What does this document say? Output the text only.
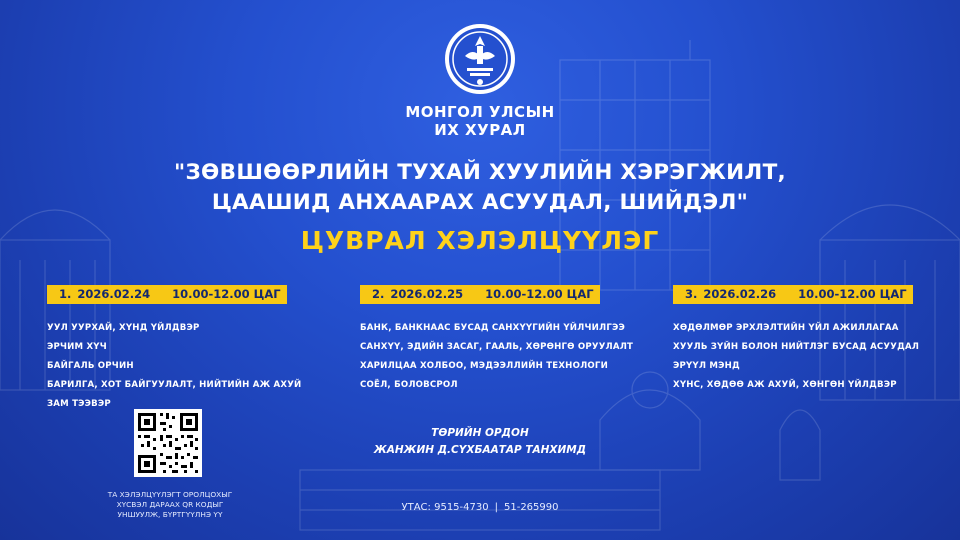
МОНГОЛ УЛСЫН
ИХ ХУРАЛ
"ЗӨВШӨӨРЛИЙН ТУХАЙ ХУУЛИЙН ХЭРЭГЖИЛТ,
ЦААШИД АНХААРАХ АСУУДАЛ, ШИЙДЭЛ"
ЦУВРАЛ ХЭЛЭЛЦҮҮЛЭГ
1. 2026.02.24 10.00-12.00 ЦАГ
УУЛ УУРХАЙ, ХҮНД ҮЙЛДВЭР
ЭРЧИМ ХҮЧ
БАЙГАЛЬ ОРЧИН
БАРИЛГА, ХОТ БАЙГУУЛАЛТ, НИЙТИЙН АЖ АХУЙ
ЗАМ ТЭЭВЭР
2. 2026.02.25 10.00-12.00 ЦАГ
БАНК, БАНКНААС БУСАД САНХҮҮГИЙН ҮЙЛЧИЛГЭЭ
САНХҮҮ, ЭДИЙН ЗАСАГ, ГААЛЬ, ХӨРӨНГӨ ОРУУЛАЛТ
ХАРИЛЦАА ХОЛБОО, МЭДЭЭЛЛИЙН ТЕХНОЛОГИ
СОЁЛ, БОЛОВСРОЛ
3. 2026.02.26 10.00-12.00 ЦАГ
ХӨДӨЛМӨР ЭРХЛЭЛТИЙН ҮЙЛ АЖИЛЛАГАА
ХУУЛЬ ЗҮЙН БОЛОН НИЙТЛЭГ БУСАД АСУУДАЛ
ЭРҮҮЛ МЭНД
ХҮНС, ХӨДӨӨ АЖ АХУЙ, ХӨНГӨН ҮЙЛДВЭР
ТА ХЭЛЭЛЦҮҮЛЭГТ ОРОЛЦОХЫГ
ХҮСВЭЛ ДАРААХ QR КОДЫГ
УНШУУЛЖ, БҮРТГҮҮЛНЭ ҮҮ
ТӨРИЙН ОРДОН
ЖАНЖИН Д.СҮХБААТАР ТАНХИМД
УТАС: 9515-4730 | 51-265990
